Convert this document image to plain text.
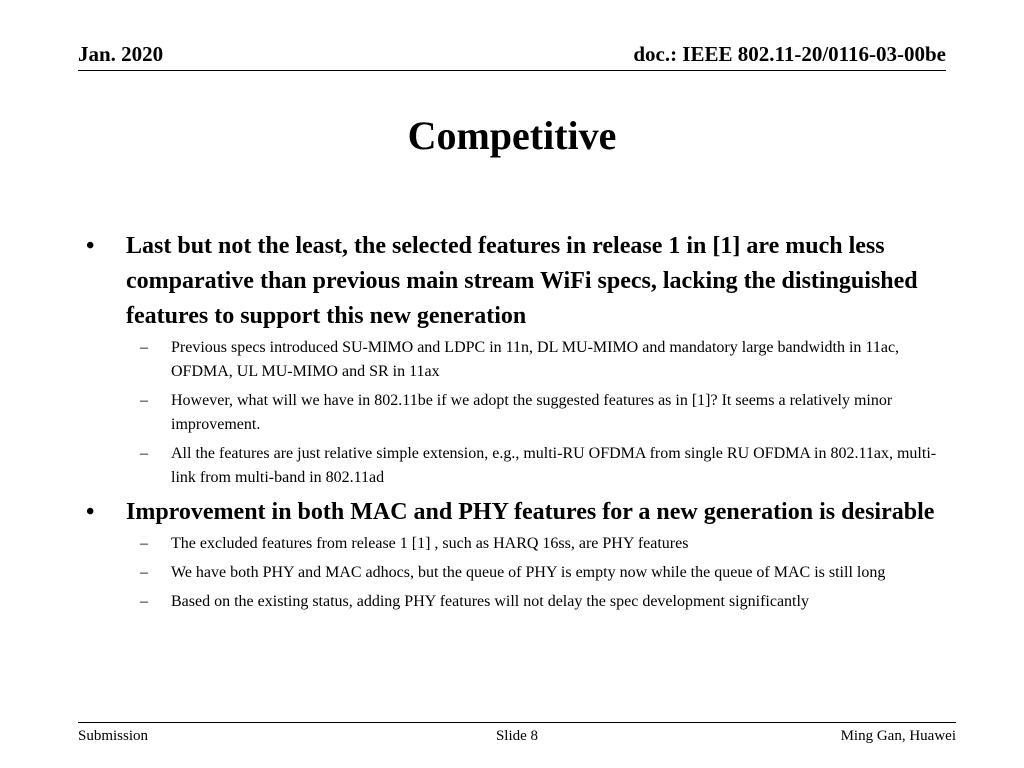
Jan. 2020	doc.: IEEE 802.11-20/0116-03-00be
Competitive
• Last but not the least, the selected features in release 1 in [1] are much less comparative than previous main stream WiFi specs, lacking the distinguished features to support this new generation
– Previous specs introduced SU-MIMO and LDPC in 11n, DL MU-MIMO and mandatory large bandwidth in 11ac, OFDMA, UL MU-MIMO and SR in 11ax
– However, what will we have in 802.11be if we adopt the suggested features as in [1]? It seems a relatively minor improvement.
– All the features are just relative simple extension, e.g., multi-RU OFDMA from single RU OFDMA in 802.11ax, multi-link from multi-band in 802.11ad
• Improvement in both MAC and PHY features for a new generation is desirable
– The excluded features from release 1 [1] , such as HARQ 16ss, are PHY features
– We have both PHY and MAC adhocs, but the queue of PHY is empty now while the queue of MAC is still long
– Based on the existing status, adding PHY features will not delay the spec development significantly
Submission	Slide 8	Ming Gan, Huawei
